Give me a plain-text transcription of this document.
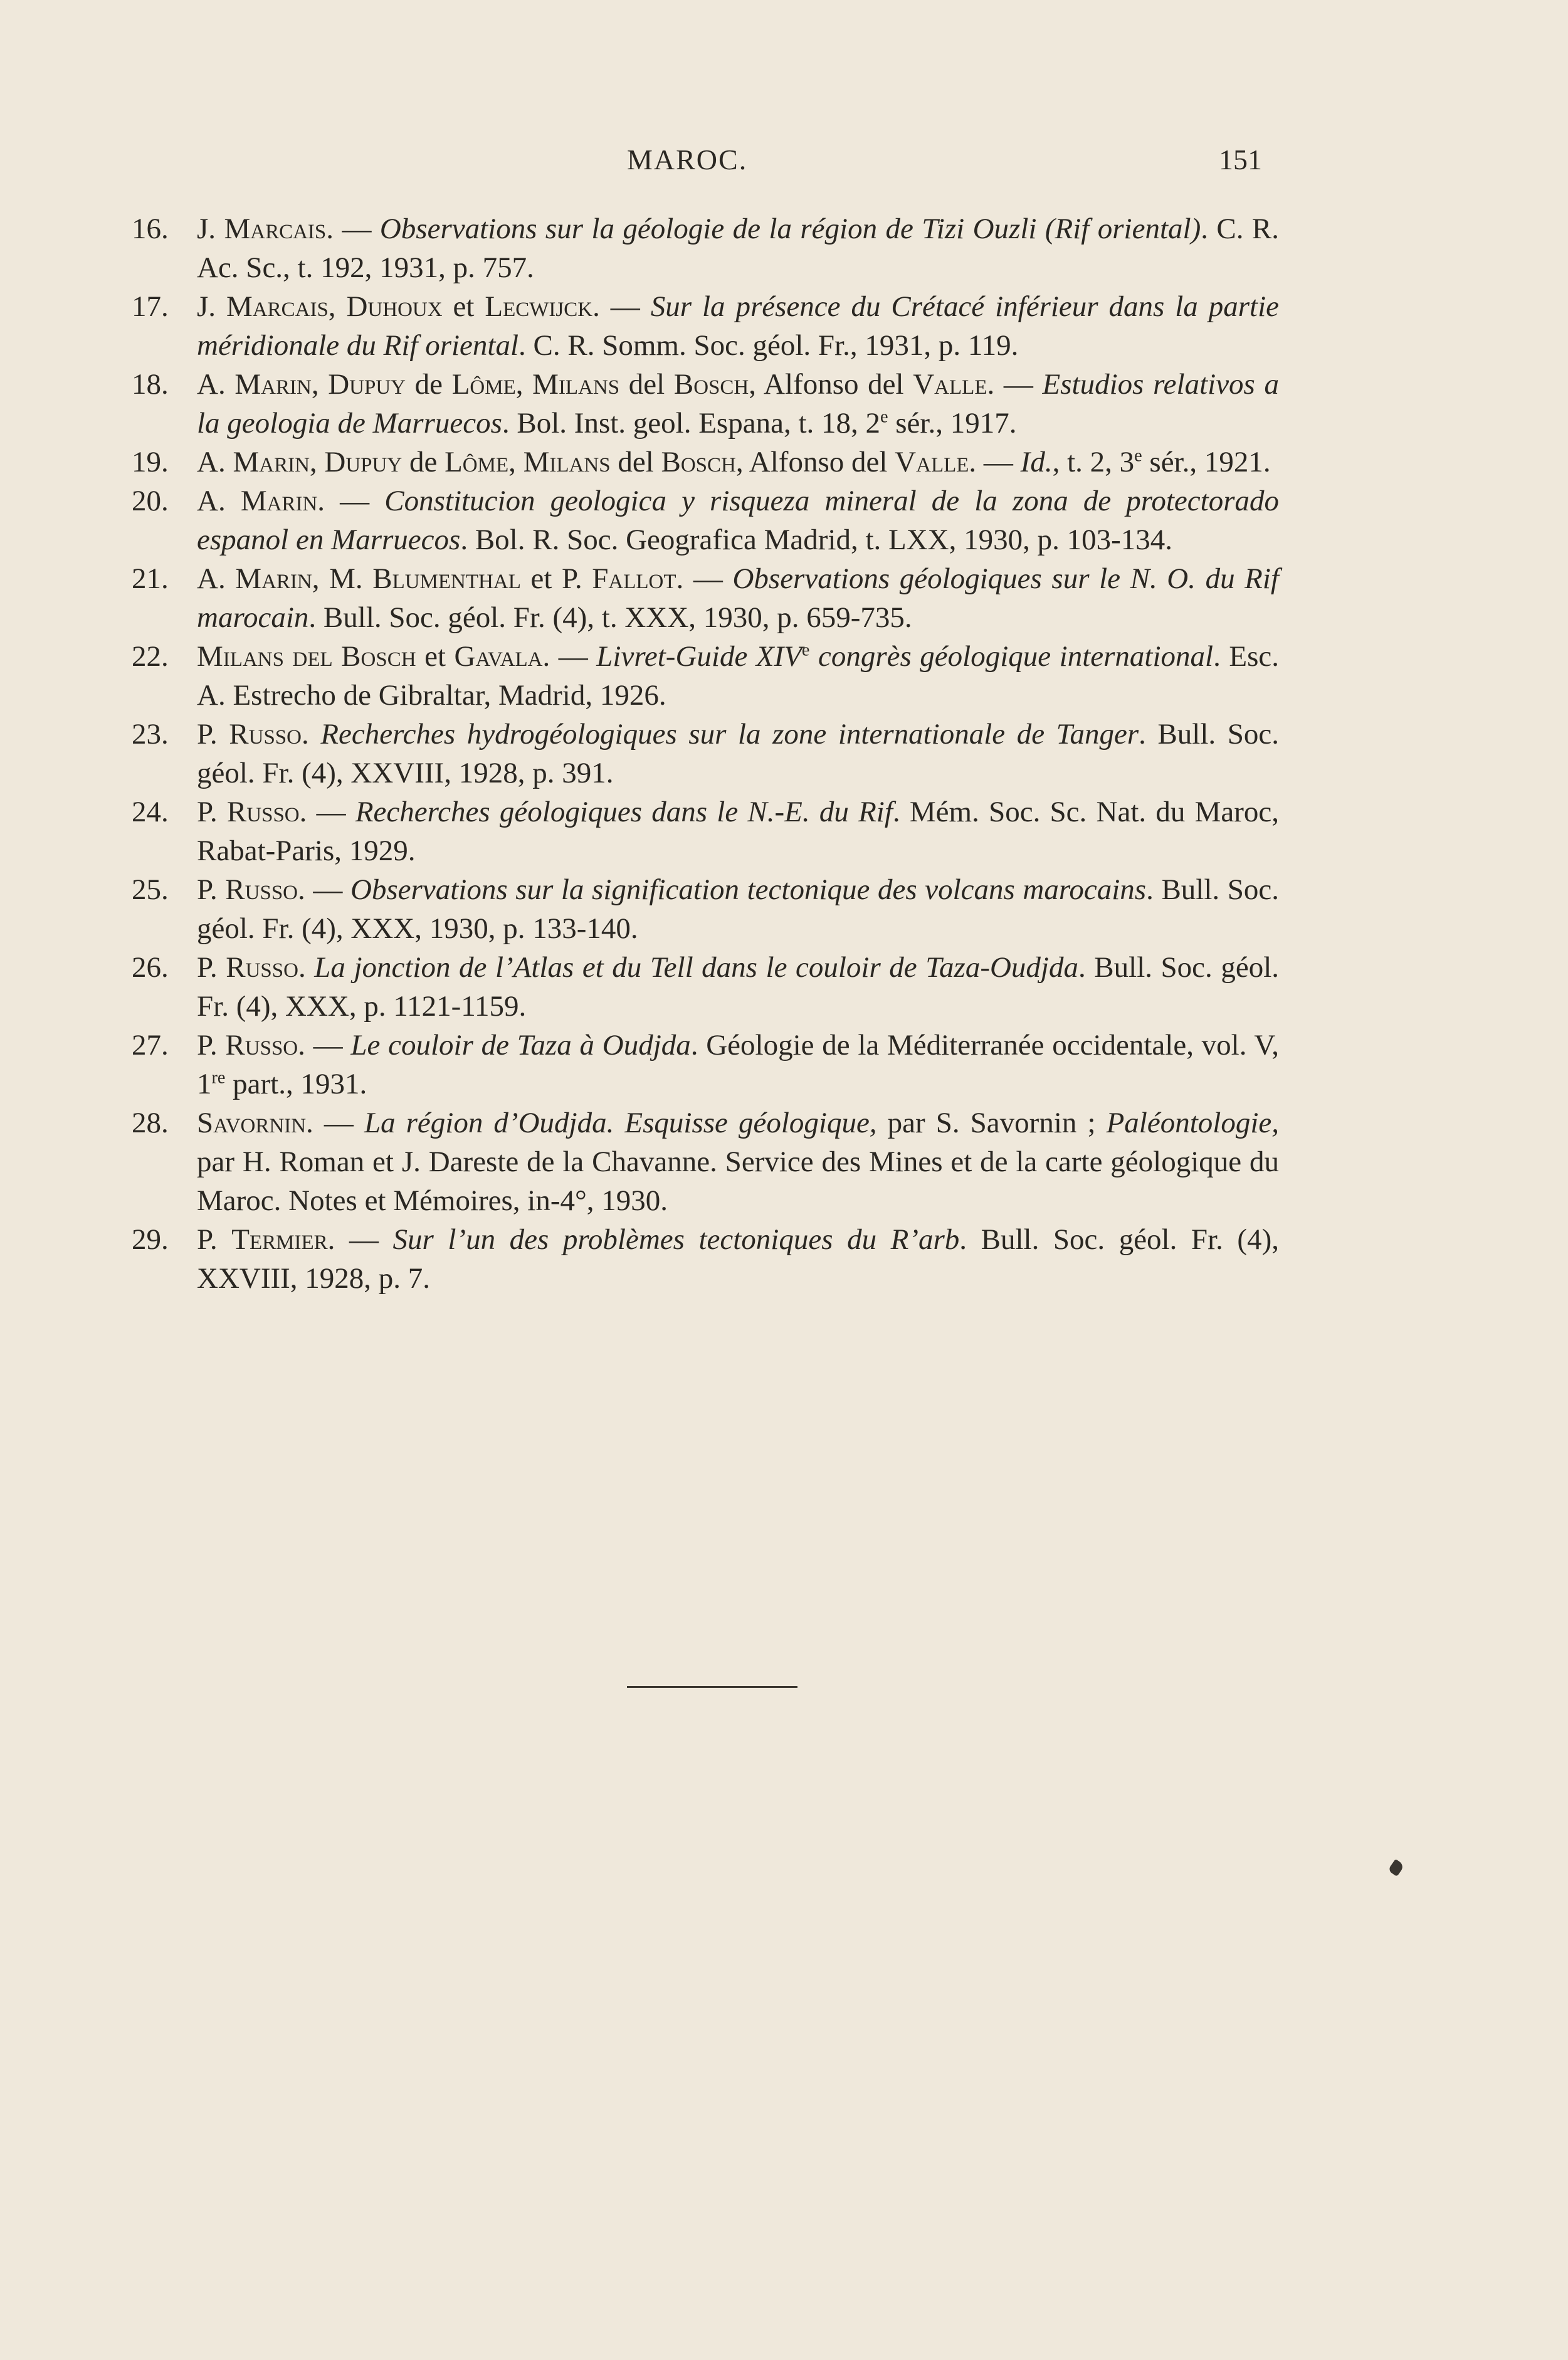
MAROC.	151
16. J. Marcais. — Observations sur la géologie de la région de Tizi Ouzli (Rif oriental). C. R. Ac. Sc., t. 192, 1931, p. 757.
17. J. Marcais, Duhoux et Lecwijck. — Sur la présence du Crétacé inférieur dans la partie méridionale du Rif oriental. C. R. Somm. Soc. géol. Fr., 1931, p. 119.
18. A. Marin, Dupuy de Lôme, Milans del Bosch, Alfonso del Valle. — Estudios relativos a la geologia de Marruecos. Bol. Inst. geol. Espana, t. 18, 2e sér., 1917.
19. A. Marin, Dupuy de Lôme, Milans del Bosch, Alfonso del Valle. — Id., t. 2, 3e sér., 1921.
20. A. Marin. — Constitucion geologica y risqueza mineral de la zona de protectorado espanol en Marruecos. Bol. R. Soc. Geografica Madrid, t. LXX, 1930, p. 103-134.
21. A. Marin, M. Blumenthal et P. Fallot. — Observations géologiques sur le N. O. du Rif marocain. Bull. Soc. géol. Fr. (4), t. XXX, 1930, p. 659-735.
22. Milans del Bosch et Gavala. — Livret-Guide XIVe congrès géologique international. Esc. A. Estrecho de Gibraltar, Madrid, 1926.
23. P. Russo. Recherches hydrogéologiques sur la zone internationale de Tanger. Bull. Soc. géol. Fr. (4), XXVIII, 1928, p. 391.
24. P. Russo. — Recherches géologiques dans le N.-E. du Rif. Mém. Soc. Sc. Nat. du Maroc, Rabat-Paris, 1929.
25. P. Russo. — Observations sur la signification tectonique des volcans marocains. Bull. Soc. géol. Fr. (4), XXX, 1930, p. 133-140.
26. P. Russo. La jonction de l’Atlas et du Tell dans le couloir de Taza-Oudjda. Bull. Soc. géol. Fr. (4), XXX, p. 1121-1159.
27. P. Russo. — Le couloir de Taza à Oudjda. Géologie de la Méditerranée occidentale, vol. V, 1re part., 1931.
28. Savornin. — La région d’Oudjda. Esquisse géologique, par S. Savornin ; Paléontologie, par H. Roman et J. Dareste de la Chavanne. Service des Mines et de la carte géologique du Maroc. Notes et Mémoires, in-4°, 1930.
29. P. Termier. — Sur l’un des problèmes tectoniques du R’arb. Bull. Soc. géol. Fr. (4), XXVIII, 1928, p. 7.
